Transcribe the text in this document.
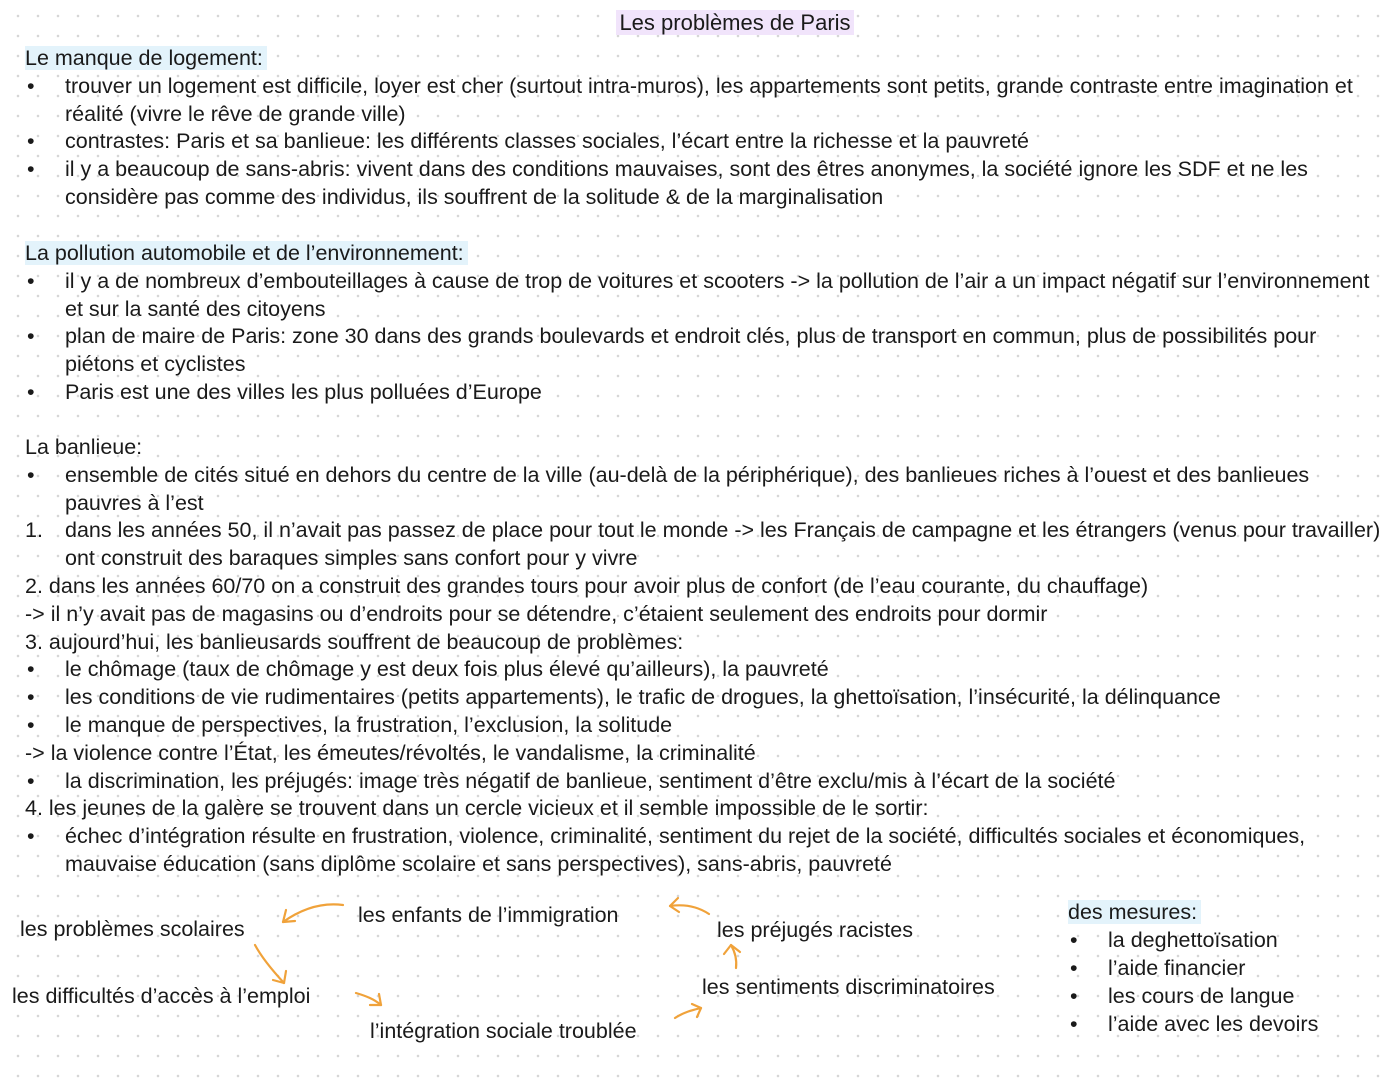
Les problèmes de Paris
Le manque de logement:
• trouver un logement est difficile, loyer est cher (surtout intra-muros), les appartements sont petits, grande contraste entre imagination et réalité (vivre le rêve de grande ville)
• contrastes: Paris et sa banlieue: les différents classes sociales, l’écart entre la richesse et la pauvreté
• il y a beaucoup de sans-abris: vivent dans des conditions mauvaises, sont des êtres anonymes, la société ignore les SDF et ne les considère pas comme des individus, ils souffrent de la solitude & de la marginalisation
La pollution automobile et de l’environnement:
• il y a de nombreux d’embouteillages à cause de trop de voitures et scooters -> la pollution de l’air a un impact négatif sur l’environnement et sur la santé des citoyens
• plan de maire de Paris: zone 30 dans des grands boulevards et endroit clés, plus de transport en commun, plus de possibilités pour piétons et cyclistes
• Paris est une des villes les plus polluées d’Europe
La banlieue:
• ensemble de cités situé en dehors du centre de la ville (au-delà de la périphérique), des banlieues riches à l’ouest et des banlieues pauvres à l’est
1. dans les années 50, il n’avait pas passez de place pour tout le monde -> les Français de campagne et les étrangers (venus pour travailler) ont construit des baraques simples sans confort pour y vivre
2. dans les années 60/70 on a construit des grandes tours pour avoir plus de confort (de l’eau courante, du chauffage)
-> il n’y avait pas de magasins ou d’endroits pour se détendre, c’étaient seulement des endroits pour dormir
3. aujourd’hui, les banlieusards souffrent de beaucoup de problèmes:
• le chômage (taux de chômage y est deux fois plus élevé qu’ailleurs), la pauvreté
• les conditions de vie rudimentaires (petits appartements), le trafic de drogues, la ghettoïsation, l’insécurité, la délinquance
• le manque de perspectives, la frustration, l’exclusion, la solitude
-> la violence contre l’État, les émeutes/révoltés, le vandalisme, la criminalité
• la discrimination, les préjugés: image très négatif de banlieue, sentiment d’être exclu/mis à l’écart de la société
4. les jeunes de la galère se trouvent dans un cercle vicieux et il semble impossible de le sortir:
• échec d’intégration résulte en frustration, violence, criminalité, sentiment du rejet de la société, difficultés sociales et économiques, mauvaise éducation (sans diplôme scolaire et sans perspectives), sans-abris, pauvreté
les problèmes scolaires
les enfants de l’immigration
les préjugés racistes
les difficultés d’accès à l’emploi	les sentiments discriminatoires
l’intégration sociale troublée
des mesures:
• la deghettoïsation
• l’aide financier
• les cours de langue
• l’aide avec les devoirs
